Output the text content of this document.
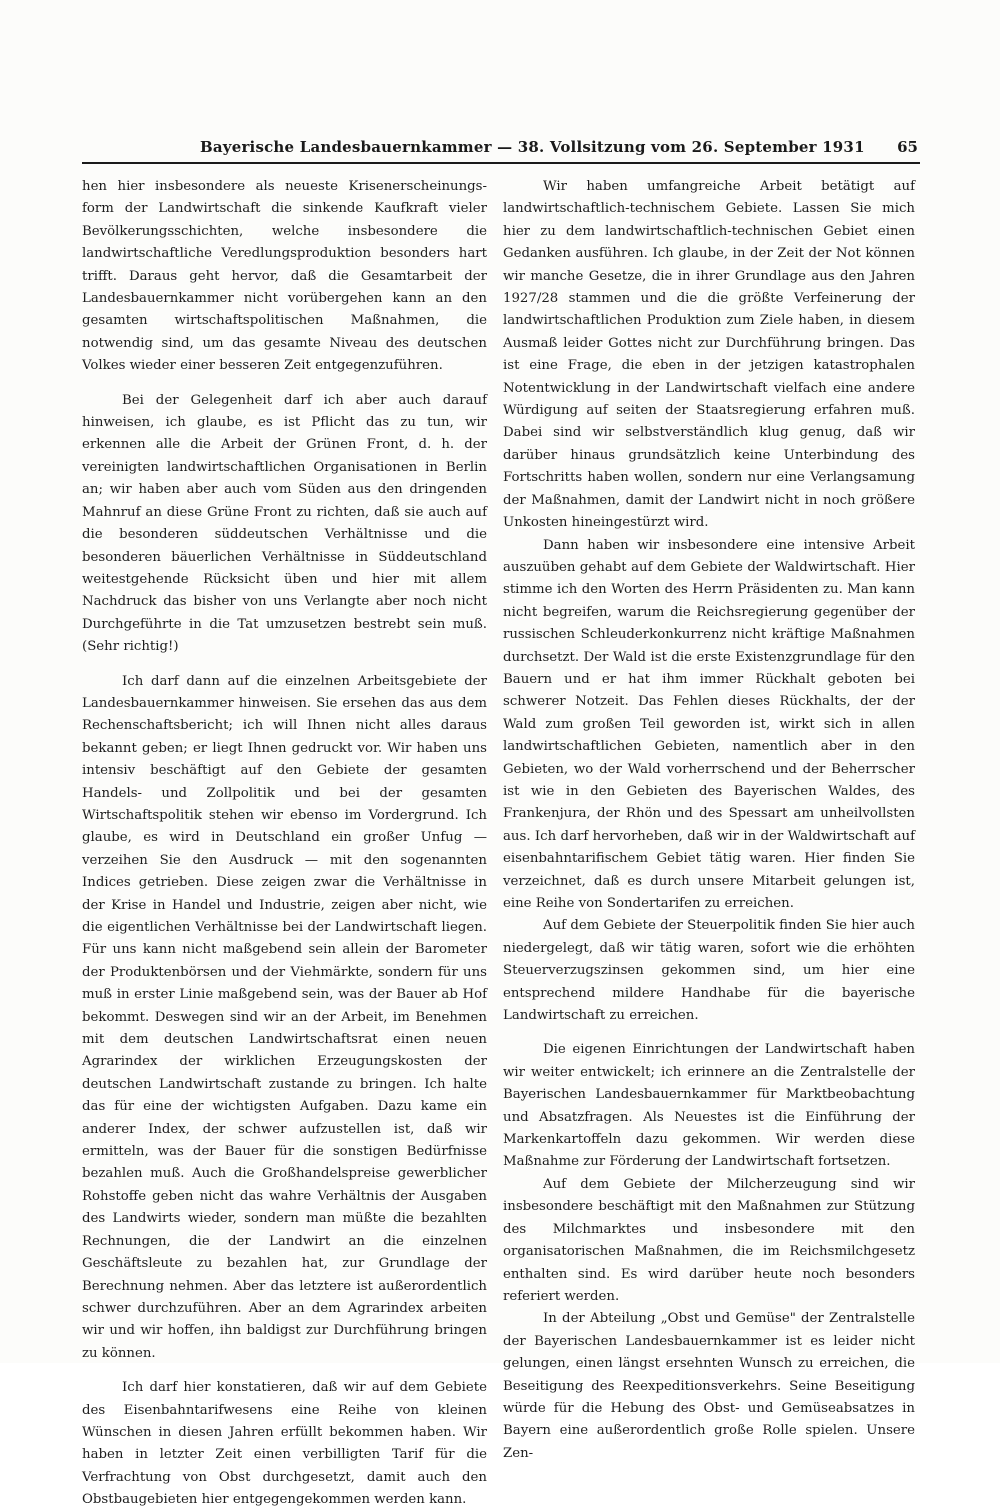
Bayerische Landesbauernkammer — 38. Vollsitzung vom 26. September 1931 65

hen hier insbesondere als neueste Krisenerscheinungs-form der Landwirtschaft die sinkende Kaufkraft vieler Bevölkerungsschichten, welche insbesondere die landwirtschaftliche Veredlungsproduktion besonders hart trifft. Daraus geht hervor, daß die Gesamtarbeit der Landesbauernkammer nicht vorübergehen kann an den gesamten wirtschaftspolitischen Maßnahmen, die notwendig sind, um das gesamte Niveau des deutschen Volkes wieder einer besseren Zeit entgegenzuführen.

Bei der Gelegenheit darf ich aber auch darauf hinweisen, ich glaube, es ist Pflicht das zu tun, wir erkennen alle die Arbeit der Grünen Front, d. h. der vereinigten landwirtschaftlichen Organisationen in Berlin an; wir haben aber auch vom Süden aus den dringenden Mahnruf an diese Grüne Front zu richten, daß sie auch auf die besonderen süddeutschen Verhältnisse und die besonderen bäuerlichen Verhältnisse in Süddeutschland weitestgehende Rücksicht üben und hier mit allem Nachdruck das bisher von uns Verlangte aber noch nicht Durchgeführte in die Tat umzusetzen bestrebt sein muß. (Sehr richtig!)

Ich darf dann auf die einzelnen Arbeitsgebiete der Landesbauernkammer hinweisen. Sie ersehen das aus dem Rechenschaftsbericht; ich will Ihnen nicht alles daraus bekannt geben; er liegt Ihnen gedruckt vor. Wir haben uns intensiv beschäftigt auf den Gebiete der gesamten Handels- und Zollpolitik und bei der gesamten Wirtschaftspolitik stehen wir ebenso im Vordergrund. Ich glaube, es wird in Deutschland ein großer Unfug — verzeihen Sie den Ausdruck — mit den sogenannten Indices getrieben. Diese zeigen zwar die Verhältnisse in der Krise in Handel und Industrie, zeigen aber nicht, wie die eigentlichen Verhältnisse bei der Landwirtschaft liegen. Für uns kann nicht maßgebend sein allein der Barometer der Produktenbörsen und der Viehmärkte, sondern für uns muß in erster Linie maßgebend sein, was der Bauer ab Hof bekommt. Deswegen sind wir an der Arbeit, im Benehmen mit dem deutschen Landwirtschaftsrat einen neuen Agrarindex der wirklichen Erzeugungskosten der deutschen Landwirtschaft zustande zu bringen. Ich halte das für eine der wichtigsten Aufgaben. Dazu kame ein anderer Index, der schwer aufzustellen ist, daß wir ermitteln, was der Bauer für die sonstigen Bedürfnisse bezahlen muß. Auch die Großhandelspreise gewerblicher Rohstoffe geben nicht das wahre Verhältnis der Ausgaben des Landwirts wieder, sondern man müßte die bezahlten Rechnungen, die der Landwirt an die einzelnen Geschäftsleute zu bezahlen hat, zur Grundlage der Berechnung nehmen. Aber das letztere ist außerordentlich schwer durchzuführen. Aber an dem Agrarindex arbeiten wir und wir hoffen, ihn baldigst zur Durchführung bringen zu können.

Ich darf hier konstatieren, daß wir auf dem Gebiete des Eisenbahntarifwesens eine Reihe von kleinen Wünschen in diesen Jahren erfüllt bekommen haben. Wir haben in letzter Zeit einen verbilligten Tarif für die Verfrachtung von Obst durchgesetzt, damit auch den Obstbaugebieten hier entgegengekommen werden kann.

Wir haben umfangreiche Arbeit betätigt auf landwirtschaftlich-technischem Gebiete. Lassen Sie mich hier zu dem landwirtschaftlich-technischen Gebiet einen Gedanken ausführen. Ich glaube, in der Zeit der Not können wir manche Gesetze, die in ihrer Grundlage aus den Jahren 1927/28 stammen und die die größte Verfeinerung der landwirtschaftlichen Produktion zum Ziele haben, in diesem Ausmaß leider Gottes nicht zur Durchführung bringen. Das ist eine Frage, die eben in der jetzigen katastrophalen Notentwicklung in der Landwirtschaft vielfach eine andere Würdigung auf seiten der Staatsregierung erfahren muß. Dabei sind wir selbstverständlich klug genug, daß wir darüber hinaus grundsätzlich keine Unterbindung des Fortschritts haben wollen, sondern nur eine Verlangsamung der Maßnahmen, damit der Landwirt nicht in noch größere Unkosten hineingestürzt wird.

Dann haben wir insbesondere eine intensive Arbeit auszuüben gehabt auf dem Gebiete der Waldwirtschaft. Hier stimme ich den Worten des Herrn Präsidenten zu. Man kann nicht begreifen, warum die Reichsregierung gegenüber der russischen Schleuderkonkurrenz nicht kräftige Maßnahmen durchsetzt. Der Wald ist die erste Existenzgrundlage für den Bauern und er hat ihm immer Rückhalt geboten bei schwerer Notzeit. Das Fehlen dieses Rückhalts, der der Wald zum großen Teil geworden ist, wirkt sich in allen landwirtschaftlichen Gebieten, namentlich aber in den Gebieten, wo der Wald vorherrschend und der Beherrscher ist wie in den Gebieten des Bayerischen Waldes, des Frankenjura, der Rhön und des Spessart am unheilvollsten aus. Ich darf hervorheben, daß wir in der Waldwirtschaft auf eisenbahntarifischem Gebiet tätig waren. Hier finden Sie verzeichnet, daß es durch unsere Mitarbeit gelungen ist, eine Reihe von Sondertarifen zu erreichen.

Auf dem Gebiete der Steuerpolitik finden Sie hier auch niedergelegt, daß wir tätig waren, sofort wie die erhöhten Steuerverzugszinsen gekommen sind, um hier eine entsprechend mildere Handhabe für die bayerische Landwirtschaft zu erreichen.

Die eigenen Einrichtungen der Landwirtschaft haben wir weiter entwickelt; ich erinnere an die Zentralstelle der Bayerischen Landesbauernkammer für Marktbeobachtung und Absatzfragen. Als Neuestes ist die Einführung der Markenkartoffeln dazu gekommen. Wir werden diese Maßnahme zur Förderung der Landwirtschaft fortsetzen.

Auf dem Gebiete der Milcherzeugung sind wir insbesondere beschäftigt mit den Maßnahmen zur Stützung des Milchmarktes und insbesondere mit den organisatorischen Maßnahmen, die im Reichsmilchgesetz enthalten sind. Es wird darüber heute noch besonders referiert werden.

In der Abteilung „Obst und Gemüse" der Zentralstelle der Bayerischen Landesbauernkammer ist es leider nicht gelungen, einen längst ersehnten Wunsch zu erreichen, die Beseitigung des Reexpeditionsverkehrs. Seine Beseitigung würde für die Hebung des Obst- und Gemüseabsatzes in Bayern eine außerordentlich große Rolle spielen. Unsere Zen-
